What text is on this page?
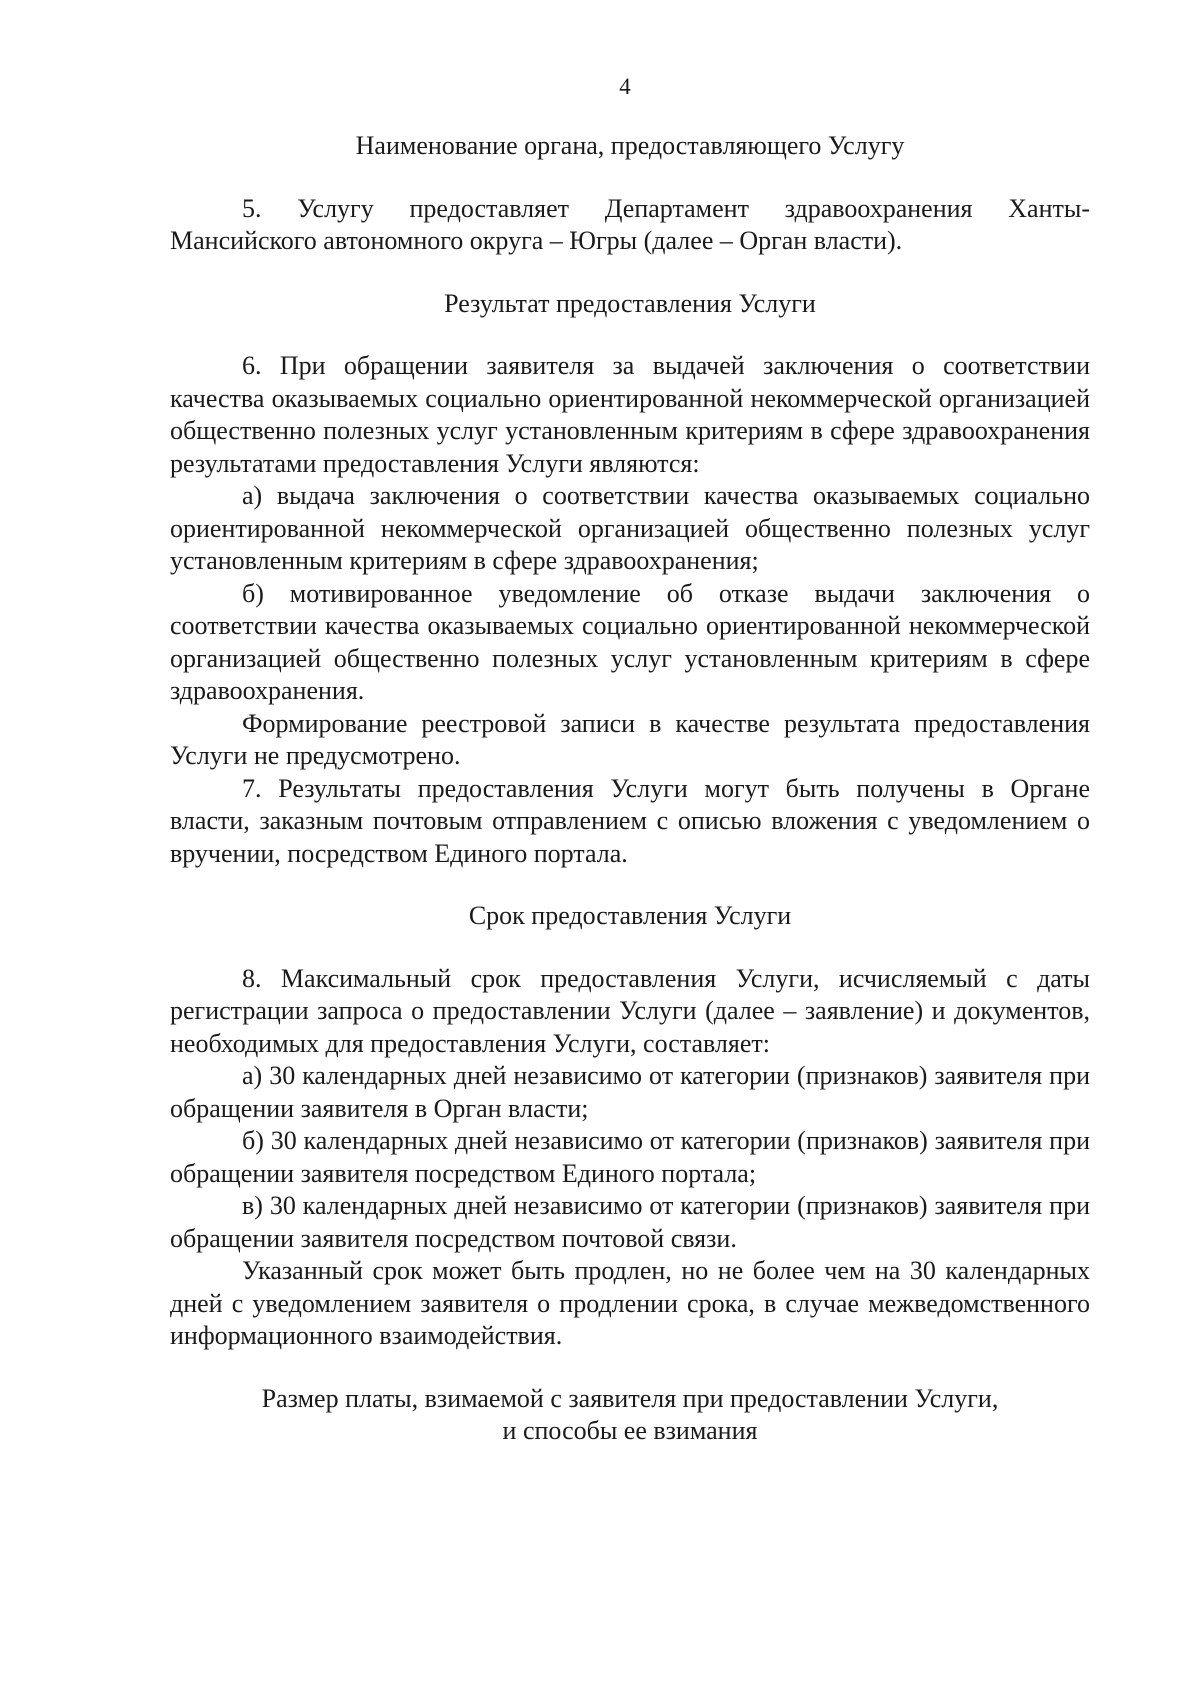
4

Наименование органа, предоставляющего Услугу

5. Услугу предоставляет Департамент здравоохранения Ханты-Мансийского автономного округа – Югры (далее – Орган власти).

Результат предоставления Услуги

6. При обращении заявителя за выдачей заключения о соответствии качества оказываемых социально ориентированной некоммерческой организацией общественно полезных услуг установленным критериям в сфере здравоохранения результатами предоставления Услуги являются:

а) выдача заключения о соответствии качества оказываемых социально ориентированной некоммерческой организацией общественно полезных услуг установленным критериям в сфере здравоохранения;

б) мотивированное уведомление об отказе выдачи заключения о соответствии качества оказываемых социально ориентированной некоммерческой организацией общественно полезных услуг установленным критериям в сфере здравоохранения.

Формирование реестровой записи в качестве результата предоставления Услуги не предусмотрено.

7. Результаты предоставления Услуги могут быть получены в Органе власти, заказным почтовым отправлением с описью вложения с уведомлением о вручении, посредством Единого портала.

Срок предоставления Услуги

8. Максимальный срок предоставления Услуги, исчисляемый с даты регистрации запроса о предоставлении Услуги (далее – заявление) и документов, необходимых для предоставления Услуги, составляет:

а) 30 календарных дней независимо от категории (признаков) заявителя при обращении заявителя в Орган власти;

б) 30 календарных дней независимо от категории (признаков) заявителя при обращении заявителя посредством Единого портала;

в) 30 календарных дней независимо от категории (признаков) заявителя при обращении заявителя посредством почтовой связи.

Указанный срок может быть продлен, но не более чем на 30 календарных дней с уведомлением заявителя о продлении срока, в случае межведомственного информационного взаимодействия.

Размер платы, взимаемой с заявителя при предоставлении Услуги,
и способы ее взимания
